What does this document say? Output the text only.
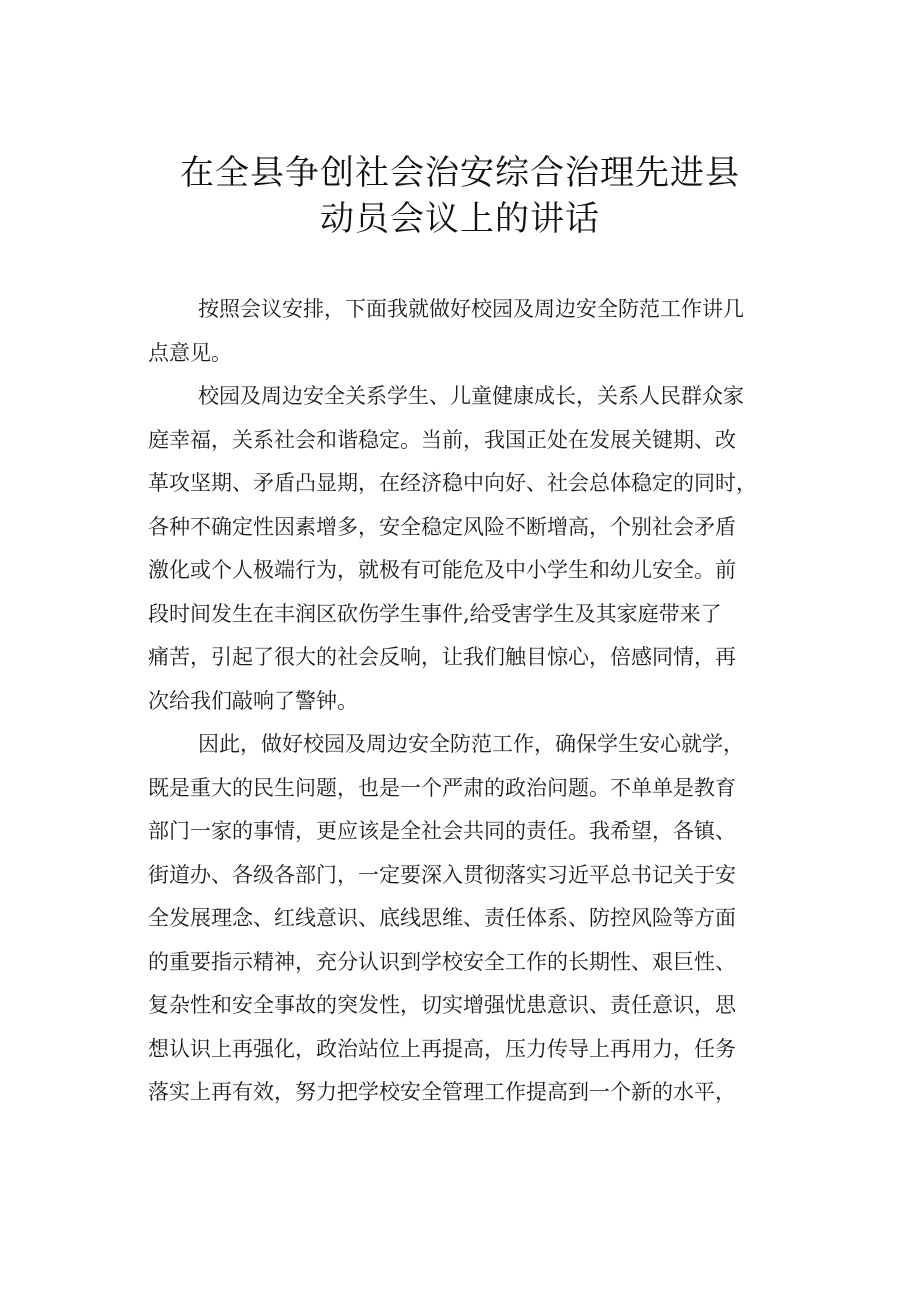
在全县争创社会治安综合治理先进县
动员会议上的讲话
按照会议安排，下面我就做好校园及周边安全防范工作讲几
点意见。
校园及周边安全关系学生、儿童健康成长，关系人民群众家
庭幸福，关系社会和谐稳定。当前，我国正处在发展关键期、改
革攻坚期、矛盾凸显期，在经济稳中向好、社会总体稳定的同时，
各种不确定性因素增多，安全稳定风险不断增高，个别社会矛盾
激化或个人极端行为，就极有可能危及中小学生和幼儿安全。前
段时间发生在丰润区砍伤学生事件,给受害学生及其家庭带来了
痛苦，引起了很大的社会反响，让我们触目惊心，倍感同情，再
次给我们敲响了警钟。
因此，做好校园及周边安全防范工作，确保学生安心就学，
既是重大的民生问题，也是一个严肃的政治问题。不单单是教育
部门一家的事情，更应该是全社会共同的责任。我希望，各镇、
街道办、各级各部门，一定要深入贯彻落实习近平总书记关于安
全发展理念、红线意识、底线思维、责任体系、防控风险等方面
的重要指示精神，充分认识到学校安全工作的长期性、艰巨性、
复杂性和安全事故的突发性，切实增强忧患意识、责任意识，思
想认识上再强化，政治站位上再提高，压力传导上再用力，任务
落实上再有效，努力把学校安全管理工作提高到一个新的水平，
